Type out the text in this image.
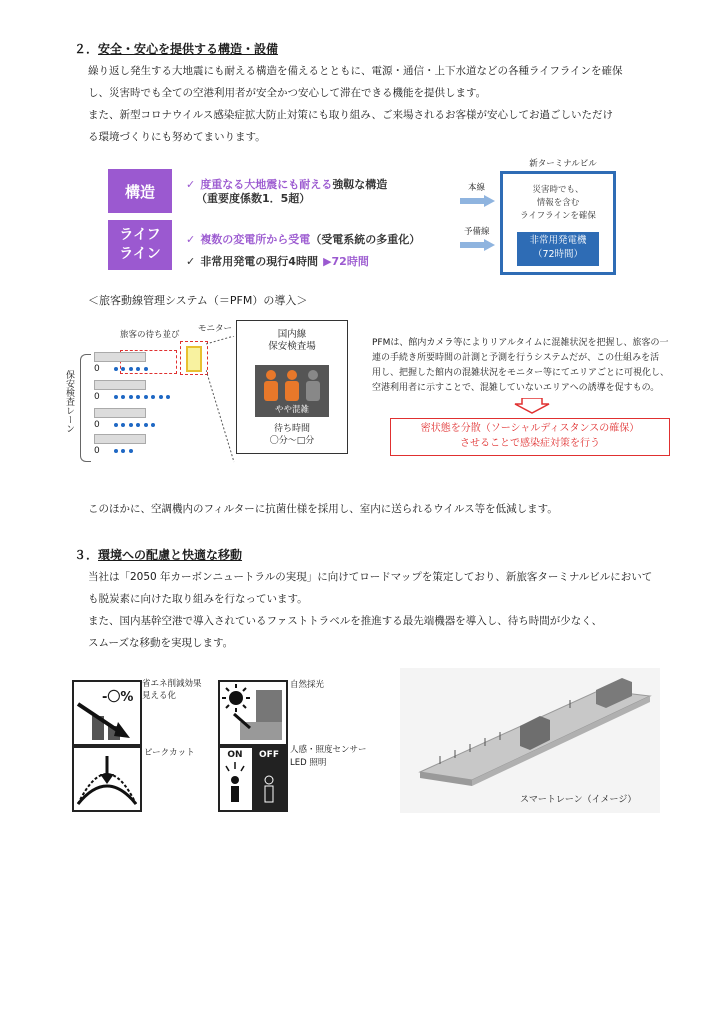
２．安全・安心を提供する構造・設備

繰り返し発生する大地震にも耐える構造を備えるとともに、電源・通信・上下水道などの各種ライフラインを確保

し、災害時でも全ての空港利用者が安全かつ安心して滞在できる機能を提供します。

また、新型コロナウイルス感染症拡大防止対策にも取り組み、ご来場されるお客様が安心してお過ごしいただけ

る環境づくりにも努めてまいります。

構造
ライフ
ライン
✓ 度重なる大地震にも耐える強靱な構造
（重要度係数1．5超）
✓ 複数の変電所から受電（受電系統の多重化）
✓ 非常用発電の現行4時間 ▶72時間
本線
予備線
新ターミナルビル
災害時でも、
情報を含む
ライフラインを確保
非常用発電機
（72時間）
＜旅客動線管理システム（＝PFM）の導入＞
旅客の待ち並び
モニター
保安検査レーン
0
0
0
0
国内線
保安検査場
やや混雑
待ち時間
〇分～□分
PFMは、館内カメラ等によりリアルタイムに混雑状況を把握し、旅客の一
連の手続き所要時間の計測と予測を行うシステムだが、この仕組みを活
用し、把握した館内の混雑状況をモニター等にてエリアごとに可視化し、
空港利用者に示すことで、混雑していないエリアへの誘導を促すもの。
密状態を分散（ソーシャルディスタンスの確保）
させることで感染症対策を行う
このほかに、空調機内のフィルターに抗菌仕様を採用し、室内に送られるウイルス等を低減します。
３．環境への配慮と快適な移動

当社は「2050 年カーボンニュートラルの実現」に向けてロードマップを策定しており、新旅客ターミナルビルにおいて

も脱炭素に向けた取り組みを行なっています。

また、国内基幹空港で導入されているファストトラベルを推進する最先端機器を導入し、待ち時間が少なく、

スムーズな移動を実現します。

-〇%
省エネ削減効果
見える化
ピークカット
自然採光
ON	OFF	人感・照度センサー
LED 照明
スマートレーン（イメージ）
